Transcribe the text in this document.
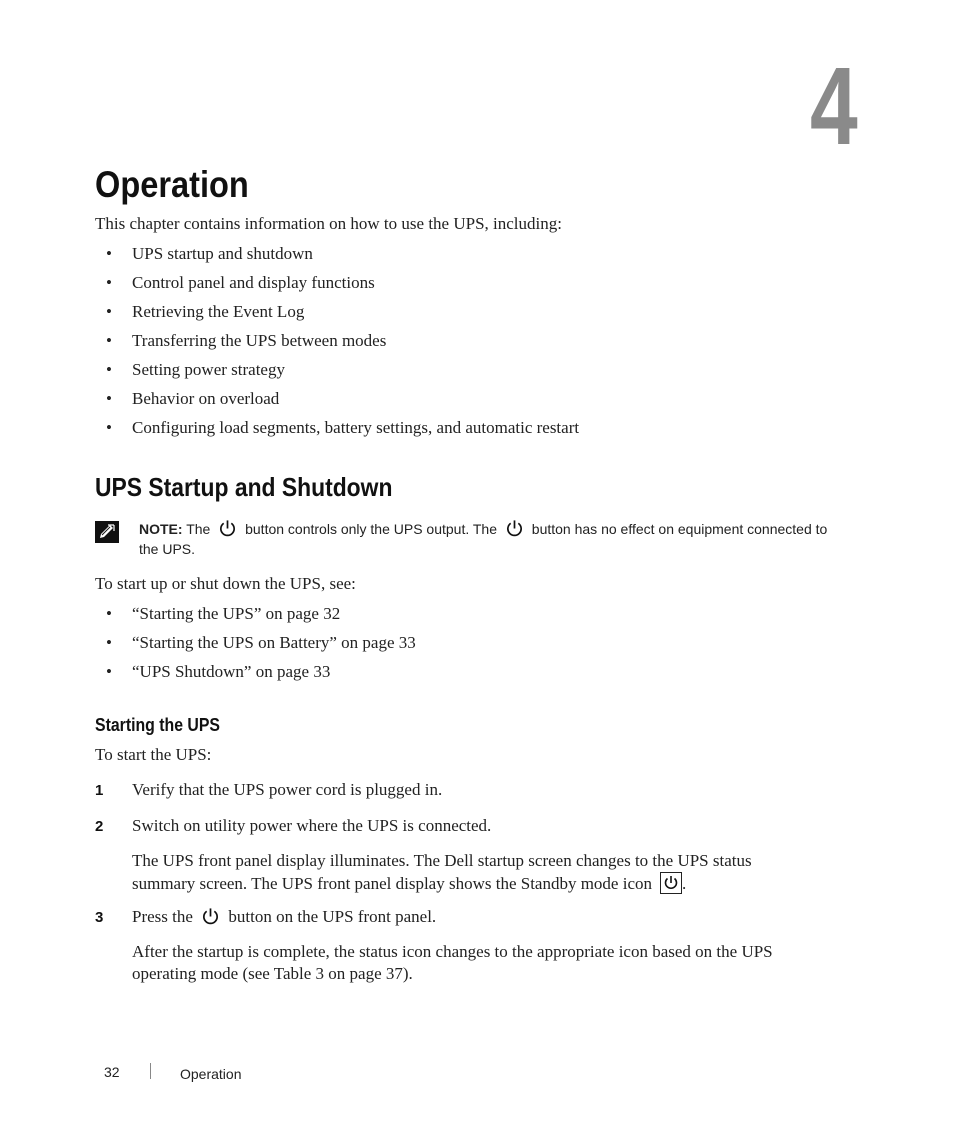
4
Operation
This chapter contains information on how to use the UPS, including:
• UPS startup and shutdown
• Control panel and display functions
• Retrieving the Event Log
• Transferring the UPS between modes
• Setting power strategy
• Behavior on overload
• Configuring load segments, battery settings, and automatic restart
UPS Startup and Shutdown
NOTE: The button controls only the UPS output. The button has no effect on equipment connected to
the UPS.
To start up or shut down the UPS, see:
• “Starting the UPS” on page 32
• “Starting the UPS on Battery” on page 33
• “UPS Shutdown” on page 33
Starting the UPS
To start the UPS:
1 Verify that the UPS power cord is plugged in.
2 Switch on utility power where the UPS is connected.
The UPS front panel display illuminates. The Dell startup screen changes to the UPS status
summary screen. The UPS front panel display shows the Standby mode icon .
3 Press the button on the UPS front panel.
After the startup is complete, the status icon changes to the appropriate icon based on the UPS
operating mode (see Table 3 on page 37).
32	Operation
